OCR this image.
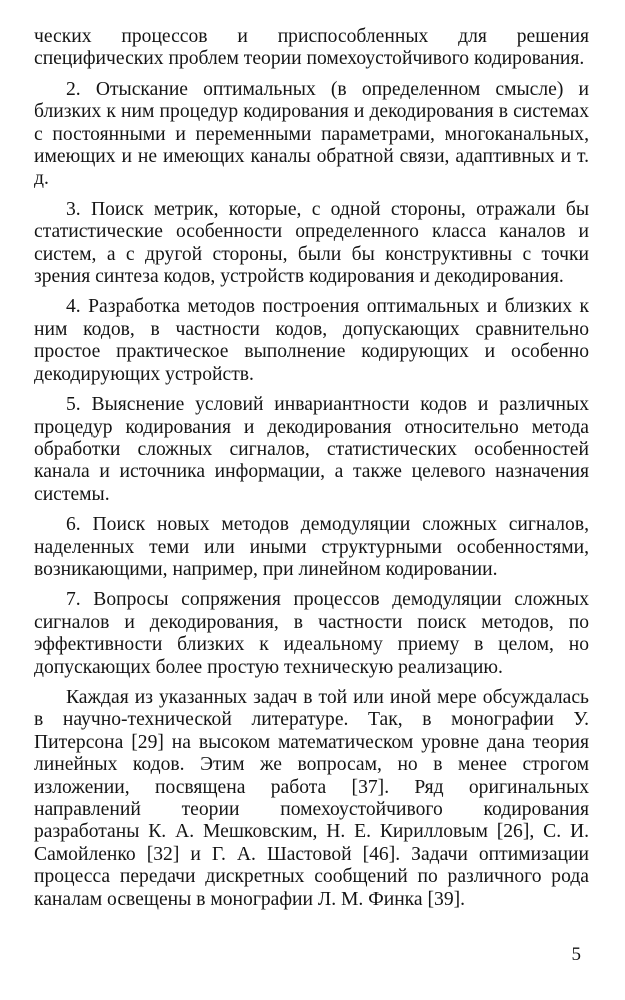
ческих процессов и приспособленных для решения специфических проблем теории помехоустойчивого кодирования.

2. Отыскание оптимальных (в определенном смысле) и близких к ним процедур кодирования и декодирования в системах с постоянными и переменными параметрами, многоканальных, имеющих и не имеющих каналы обратной связи, адаптивных и т. д.

3. Поиск метрик, которые, с одной стороны, отражали бы статистические особенности определенного класса каналов и систем, а с другой стороны, были бы конструктивны с точки зрения синтеза кодов, устройств кодирования и декодирования.

4. Разработка методов построения оптимальных и близких к ним кодов, в частности кодов, допускающих сравнительно простое практическое выполнение кодирующих и особенно декодирующих устройств.

5. Выяснение условий инвариантности кодов и различных процедур кодирования и декодирования относительно метода обработки сложных сигналов, статистических особенностей канала и источника информации, а также целевого назначения системы.

6. Поиск новых методов демодуляции сложных сигналов, наделенных теми или иными структурными особенностями, возникающими, например, при линейном кодировании.

7. Вопросы сопряжения процессов демодуляции сложных сигналов и декодирования, в частности поиск методов, по эффективности близких к идеальному приему в целом, но допускающих более простую техническую реализацию.

Каждая из указанных задач в той или иной мере обсуждалась в научно-технической литературе. Так, в монографии У. Питерсона [29] на высоком математическом уровне дана теория линейных кодов. Этим же вопросам, но в менее строгом изложении, посвящена работа [37]. Ряд оригинальных направлений теории помехоустойчивого кодирования разработаны К. А. Мешковским, Н. Е. Кирилловым [26], С. И. Самойленко [32] и Г. А. Шастовой [46]. Задачи оптимизации процесса передачи дискретных сообщений по различного рода каналам освещены в монографии Л. М. Финка [39].

5
